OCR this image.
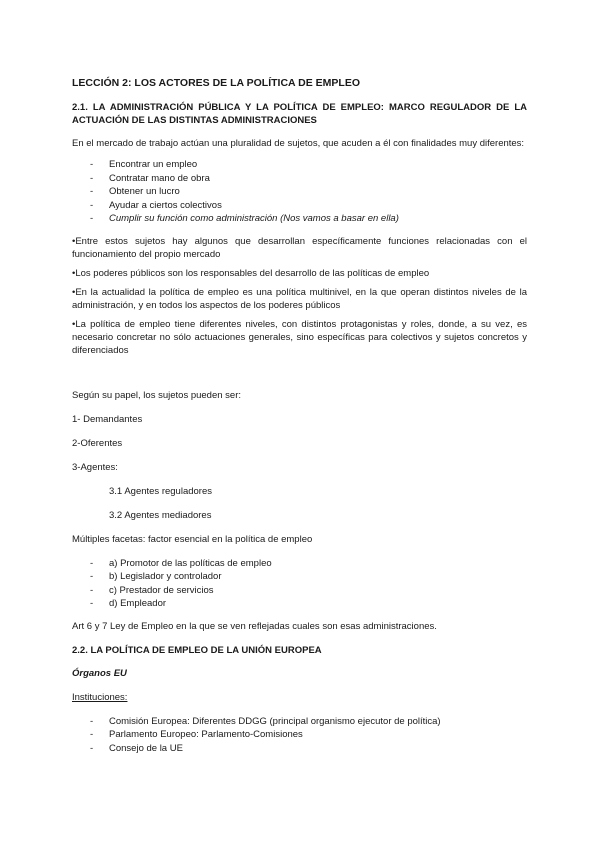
LECCIÓN 2: LOS ACTORES DE LA POLÍTICA DE EMPLEO
2.1. LA ADMINISTRACIÓN PÚBLICA Y LA POLÍTICA DE EMPLEO: MARCO REGULADOR DE LA ACTUACIÓN DE LAS DISTINTAS ADMINISTRACIONES

En el mercado de trabajo actúan una pluralidad de sujetos, que acuden a él con finalidades muy diferentes:

- Encontrar un empleo
- Contratar mano de obra
- Obtener un lucro
- Ayudar a ciertos colectivos
- Cumplir su función como administración (Nos vamos a basar en ella)

•Entre estos sujetos hay algunos que desarrollan específicamente funciones relacionadas con el funcionamiento del propio mercado

•Los poderes públicos son los responsables del desarrollo de las políticas de empleo

•En la actualidad la política de empleo es una política multinivel, en la que operan distintos niveles de la administración, y en todos los aspectos de los poderes públicos

•La política de empleo tiene diferentes niveles, con distintos protagonistas y roles, donde, a su vez, es necesario concretar no sólo actuaciones generales, sino específicas para colectivos y sujetos concretos y diferenciados

Según su papel, los sujetos pueden ser:
1- Demandantes
2-Oferentes
3-Agentes:
3.1 Agentes reguladores
3.2 Agentes mediadores
Múltiples facetas: factor esencial en la política de empleo
- a) Promotor de las políticas de empleo
- b) Legislador y controlador
- c) Prestador de servicios
- d) Empleador
Art 6 y 7 Ley de Empleo en la que se ven reflejadas cuales son esas administraciones.
2.2. LA POLÍTICA DE EMPLEO DE LA UNIÓN EUROPEA
Órganos EU
Instituciones:
- Comisión Europea: Diferentes DDGG (principal organismo ejecutor de política)
- Parlamento Europeo: Parlamento-Comisiones
- Consejo de la UE
